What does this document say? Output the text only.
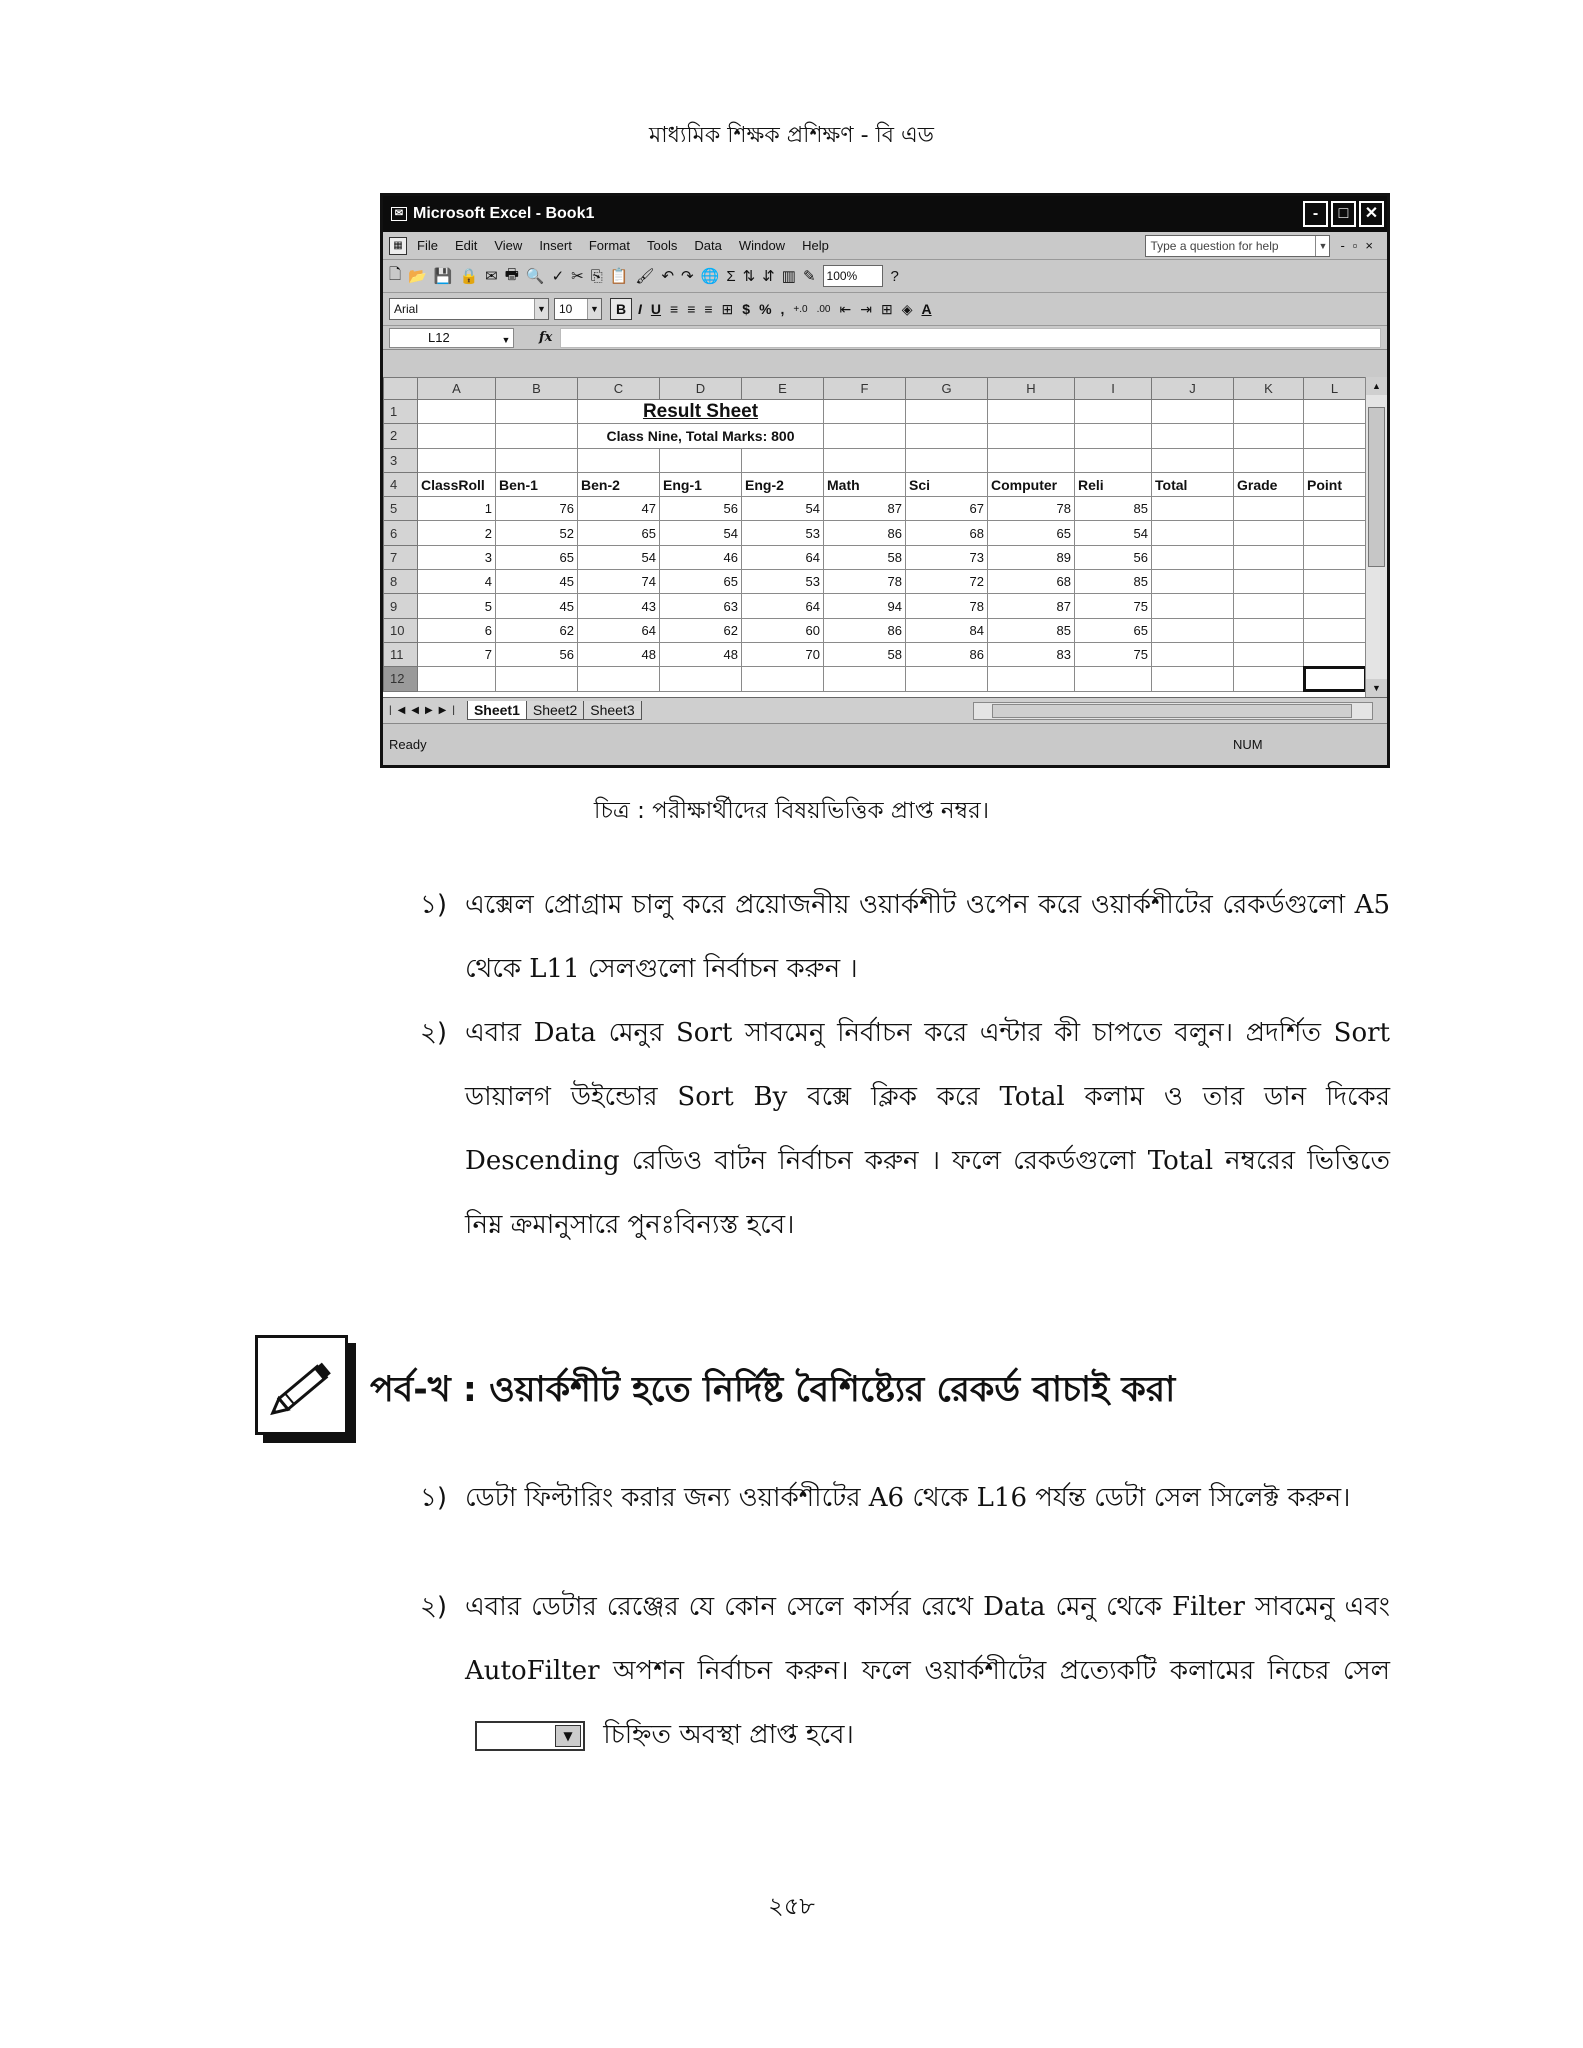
মাধ্যমিক শিক্ষক প্রশিক্ষণ - বি এড
✉ Microsoft Excel - Book1	-	□	✕
▦	File Edit View Insert Format Tools Data Window Help	Type a question for help	▼ -▫×
🗋 📂 💾 🔒 ✉ 🖶 🔍 ✓ ✂ ⎘ 📋 🖌 ↶ ↷ 🌐 Σ ⇅ ⇵ ▥ ✎ 100%	?
Arial	▼	10	▼	B I U ≡ ≡ ≡ ⊞ $ % , +.0 .00 ⇤ ⇥ ⊞ ◈ A
L12	▼ fx
	A	B	C	D	E	F	G	H	I	J	K	L
1			Result Sheet									
2			Class Nine, Total Marks: 800									
3												
4	ClassRoll	Ben-1	Ben-2	Eng-1	Eng-2	Math	Sci	Computer	Reli	Total	Grade	Point
5	1	76	47	56	54	87	67	78	85			
6	2	52	65	54	53	86	68	65	54			
7	3	65	54	46	64	58	73	89	56			
8	4	45	74	65	53	78	72	68	85			
9	5	45	43	63	64	94	78	87	75			
10	6	62	64	62	60	86	84	85	65			
11	7	56	48	48	70	58	86	83	75			
12												
▲
▼
|◀◀▶▶| Sheet1 Sheet2 Sheet3
Ready	NUM
চিত্র : পরীক্ষার্থীদের বিষয়ভিত্তিক প্রাপ্ত নম্বর।
১) এক্সেল প্রোগ্রাম চালু করে প্রয়োজনীয় ওয়ার্কশীট ওপেন করে ওয়ার্কশীটের রেকর্ডগুলো A5 থেকে L11 সেলগুলো নির্বাচন করুন ।
২) এবার Data মেনুর Sort সাবমেনু নির্বাচন করে এন্টার কী চাপতে বলুন। প্রদর্শিত Sort ডায়ালগ উইন্ডোর Sort By বক্সে ক্লিক করে Total কলাম ও তার ডান দিকের Descending রেডিও বাটন নির্বাচন করুন । ফলে রেকর্ডগুলো Total নম্বরের ভিত্তিতে নিম্ন ক্রমানুসারে পুনঃবিন্যস্ত হবে।
পর্ব-খ : ওয়ার্কশীট হতে নির্দিষ্ট বৈশিষ্ট্যের রেকর্ড বাচাই করা
১) ডেটা ফিল্টারিং করার জন্য ওয়ার্কশীটের A6 থেকে L16 পর্যন্ত ডেটা সেল সিলেক্ট করুন।
২) এবার ডেটার রেঞ্জের যে কোন সেলে কার্সর রেখে Data মেনু থেকে Filter সাবমেনু এবং AutoFilter অপশন নির্বাচন করুন। ফলে ওয়ার্কশীটের প্রত্যেকটি কলামের নিচের সেল
▼	চিহ্নিত অবস্থা প্রাপ্ত হবে।
২৫৮
